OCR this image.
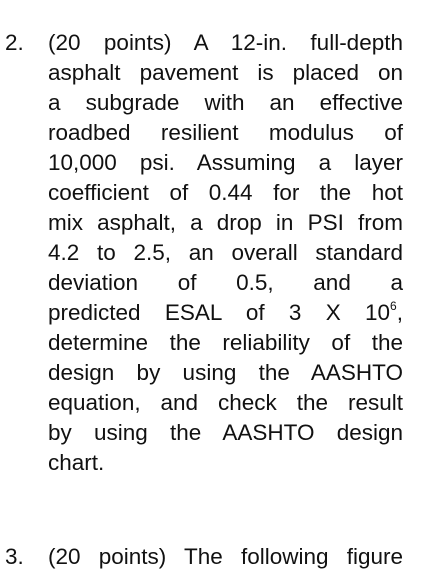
2. (20 points) A 12-in. full-depth
asphalt pavement is placed on
a subgrade with an effective
roadbed resilient modulus of
10,000 psi. Assuming a layer
coefficient of 0.44 for the hot
mix asphalt, a drop in PSI from
4.2 to 2.5, an overall standard
deviation of 0.5, and a
predicted ESAL of 3 X $10^6$,
determine the reliability of the
design by using the AASHTO
equation, and check the result
by using the AASHTO design
chart.
3. (20 points) The following figure
